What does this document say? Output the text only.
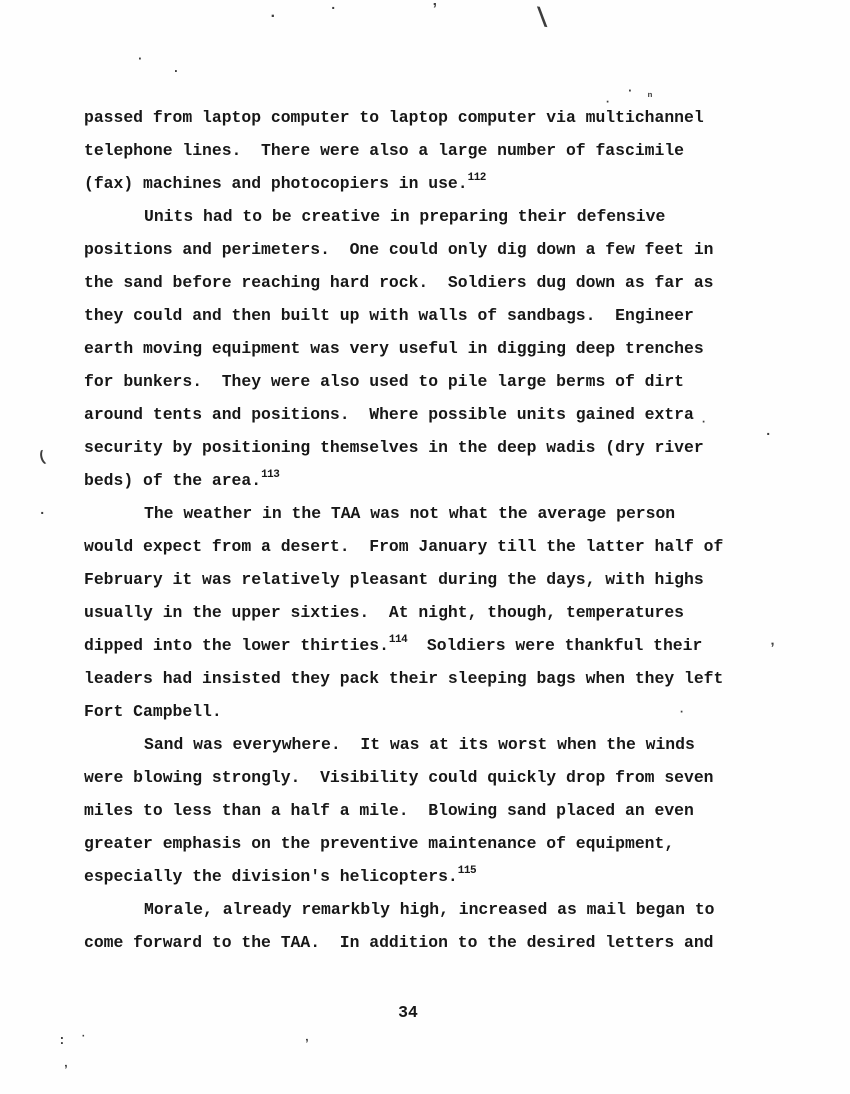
\
·	·	ʼ
·
·	ⁿ
·
.
(
.
·
·
ʼ
·
: ·
ʼ
ʼ
passed from laptop computer to laptop computer via multichannel
telephone lines.  There were also a large number of fascimile
(fax) machines and photocopiers in use.$^{112}$
Units had to be creative in preparing their defensive
positions and perimeters.  One could only dig down a few feet in
the sand before reaching hard rock.  Soldiers dug down as far as
they could and then built up with walls of sandbags.  Engineer
earth moving equipment was very useful in digging deep trenches
for bunkers.  They were also used to pile large berms of dirt
around tents and positions.  Where possible units gained extra
security by positioning themselves in the deep wadis (dry river
beds) of the area.$^{113}$
The weather in the TAA was not what the average person
would expect from a desert.  From January till the latter half of
February it was relatively pleasant during the days, with highs
usually in the upper sixties.  At night, though, temperatures
dipped into the lower thirties.$^{114}$  Soldiers were thankful their
leaders had insisted they pack their sleeping bags when they left
Fort Campbell.
Sand was everywhere.  It was at its worst when the winds
were blowing strongly.  Visibility could quickly drop from seven
miles to less than a half a mile.  Blowing sand placed an even
greater emphasis on the preventive maintenance of equipment,
especially the division's helicopters.$^{115}$
Morale, already remarkbly high, increased as mail began to
come forward to the TAA.  In addition to the desired letters and
34
